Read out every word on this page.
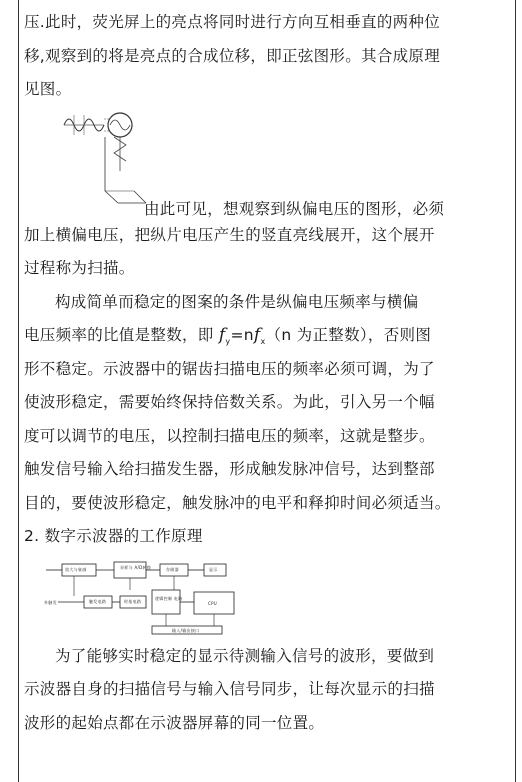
压.此时，荧光屏上的亮点将同时进行方向互相垂直的两种位
移,观察到的将是亮点的合成位移，即正弦图形。其合成原理
见图。
由此可见，想观察到纵偏电压的图形，必须
加上横偏电压，把纵片电压产生的竖直亮线展开，这个展开
过程称为扫描。
构成简单而稳定的图案的条件是纵偏电压频率与横偏
电压频率的比值是整数，即 $f_y=nf_x(n$ 为正整数），否则图
形不稳定。示波器中的锯齿扫描电压的频率必须可调，为了
使波形稳定，需要始终保持倍数关系。为此，引入另一个幅
度可以调节的电压，以控制扫描电压的频率，这就是整步。
触发信号输入给扫描发生器，形成触发脉冲信号，达到整部
目的，要使波形稳定，触发脉冲的电平和释抑时间必须适当。
2. 数字示波器的工作原理
放大与衰减	采样与 A/D转换	存储器	显示
外触发	触发电路	时基电路
逻辑控制 电路
CPU
输入/输出接口
为了能够实时稳定的显示待测输入信号的波形，要做到
示波器自身的扫描信号与输入信号同步，让每次显示的扫描
波形的起始点都在示波器屏幕的同一位置。
